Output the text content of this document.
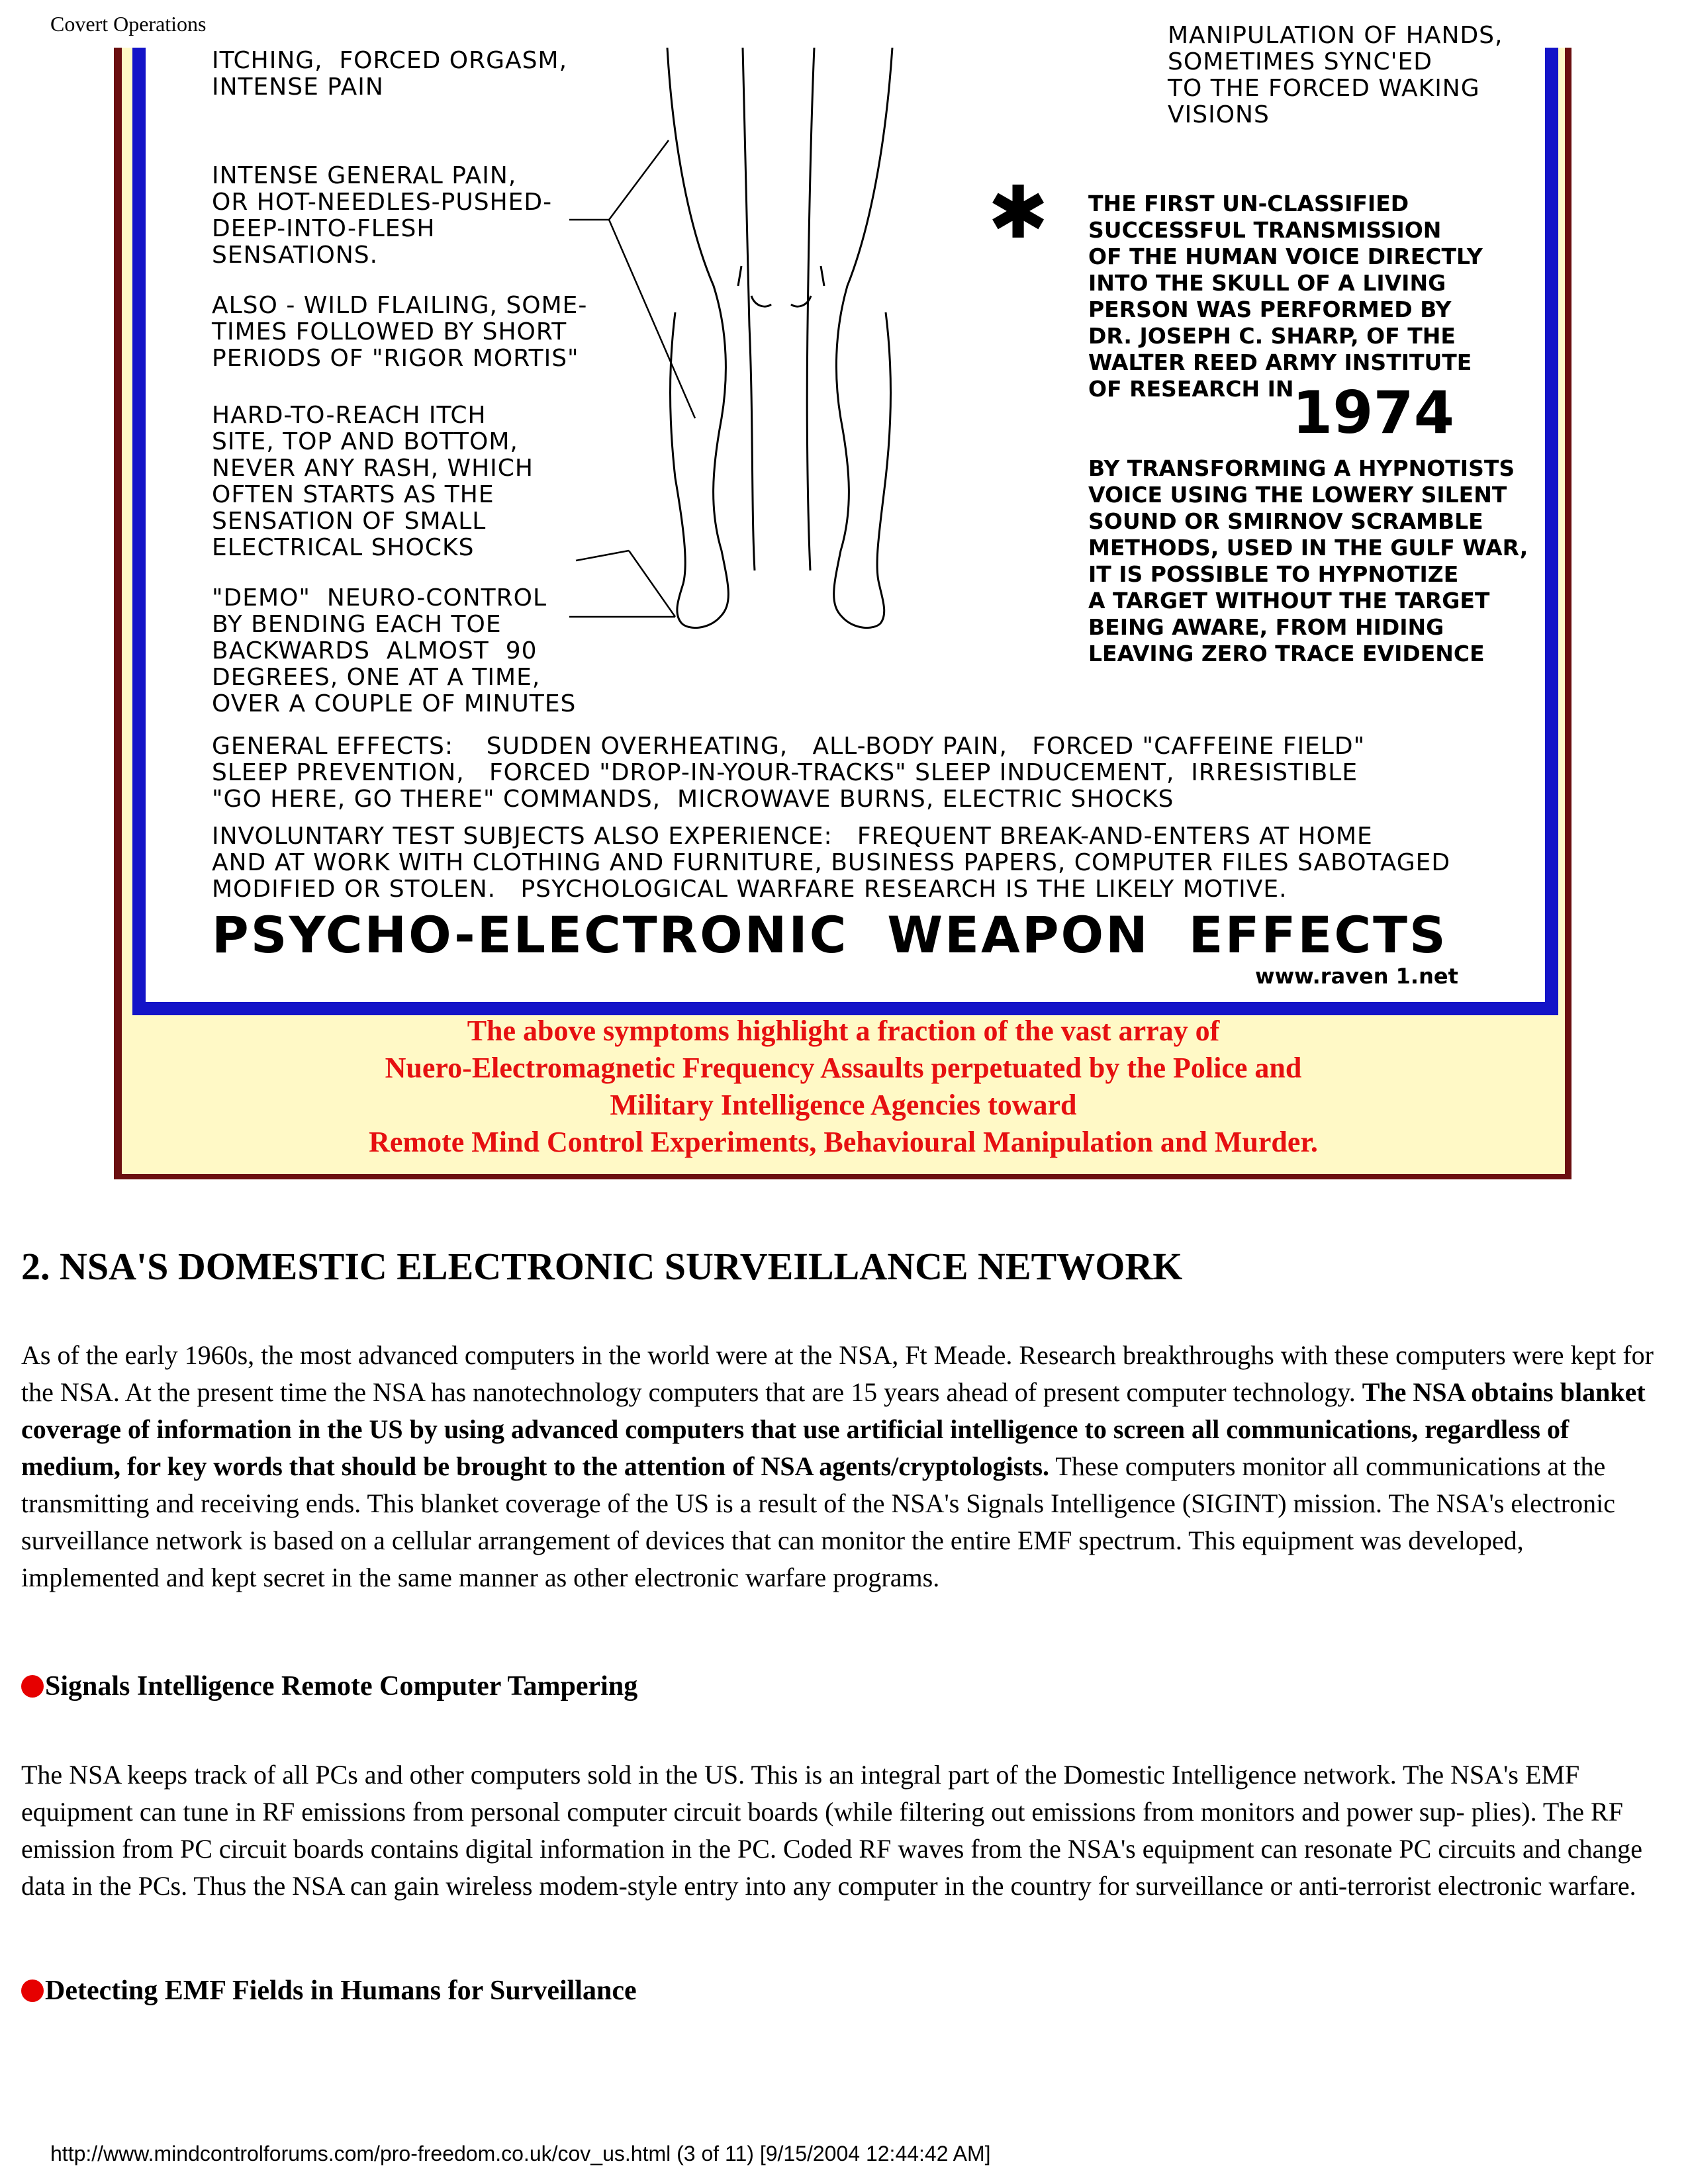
Covert Operations
ITCHING,  FORCED ORGASM,
INTENSE PAIN
INTENSE GENERAL PAIN,
OR HOT-NEEDLES-PUSHED-
DEEP-INTO-FLESH
SENSATIONS.
ALSO - WILD FLAILING, SOME-
TIMES FOLLOWED BY SHORT
PERIODS OF "RIGOR MORTIS"
HARD-TO-REACH ITCH
SITE, TOP AND BOTTOM,
NEVER ANY RASH, WHICH
OFTEN STARTS AS THE
SENSATION OF SMALL
ELECTRICAL SHOCKS
"DEMO"  NEURO-CONTROL
BY BENDING EACH TOE
BACKWARDS  ALMOST  90
DEGREES, ONE AT A TIME,
OVER A COUPLE OF MINUTES
MANIPULATION OF HANDS,
SOMETIMES SYNC'ED
TO THE FORCED WAKING
VISIONS
✱ THE FIRST UN-CLASSIFIED
SUCCESSFUL TRANSMISSION
OF THE HUMAN VOICE DIRECTLY
INTO THE SKULL OF A LIVING
PERSON WAS PERFORMED BY
DR. JOSEPH C. SHARP, OF THE
WALTER REED ARMY INSTITUTE
OF RESEARCH IN
1974
BY TRANSFORMING A HYPNOTISTS
VOICE USING THE LOWERY SILENT
SOUND OR SMIRNOV SCRAMBLE
METHODS, USED IN THE GULF WAR,
IT IS POSSIBLE TO HYPNOTIZE
A TARGET WITHOUT THE TARGET
BEING AWARE, FROM HIDING
LEAVING ZERO TRACE EVIDENCE
GENERAL EFFECTS:    SUDDEN OVERHEATING,   ALL-BODY PAIN,   FORCED "CAFFEINE FIELD"
SLEEP PREVENTION,   FORCED "DROP-IN-YOUR-TRACKS" SLEEP INDUCEMENT,  IRRESISTIBLE
"GO HERE, GO THERE" COMMANDS,  MICROWAVE BURNS, ELECTRIC SHOCKS
INVOLUNTARY TEST SUBJECTS ALSO EXPERIENCE:   FREQUENT BREAK-AND-ENTERS AT HOME
AND AT WORK WITH CLOTHING AND FURNITURE, BUSINESS PAPERS, COMPUTER FILES SABOTAGED
MODIFIED OR STOLEN.   PSYCHOLOGICAL WARFARE RESEARCH IS THE LIKELY MOTIVE.
PSYCHO-ELECTRONIC  WEAPON  EFFECTS
www.raven 1.net
The above symptoms highlight a fraction of the vast array of
Nuero-Electromagnetic Frequency Assaults perpetuated by the Police and
Military Intelligence Agencies toward
Remote Mind Control Experiments, Behavioural Manipulation and Murder.
2. NSA'S DOMESTIC ELECTRONIC SURVEILLANCE NETWORK
As of the early 1960s, the most advanced computers in the world were at the NSA, Ft Meade. Research breakthroughs with these computers were kept for the NSA. At the present time the NSA has nanotechnology computers that are 15 years ahead of present computer technology. The NSA obtains blanket coverage of information in the US by using advanced computers that use artificial intelligence to screen all communications, regardless of medium, for key words that should be brought to the attention of NSA agents/cryptologists. These computers monitor all communications at the transmitting and receiving ends. This blanket coverage of the US is a result of the NSA's Signals Intelligence (SIGINT) mission. The NSA's electronic surveillance network is based on a cellular arrangement of devices that can monitor the entire EMF spectrum. This equipment was developed, implemented and kept secret in the same manner as other electronic warfare programs.
Signals Intelligence Remote Computer Tampering
The NSA keeps track of all PCs and other computers sold in the US. This is an integral part of the Domestic Intelligence network. The NSA's EMF equipment can tune in RF emissions from personal computer circuit boards (while filtering out emissions from monitors and power sup- plies). The RF emission from PC circuit boards contains digital information in the PC. Coded RF waves from the NSA's equipment can resonate PC circuits and change data in the PCs. Thus the NSA can gain wireless modem-style entry into any computer in the country for surveillance or anti-terrorist electronic warfare.
Detecting EMF Fields in Humans for Surveillance
http://www.mindcontrolforums.com/pro-freedom.co.uk/cov_us.html (3 of 11) [9/15/2004 12:44:42 AM]
